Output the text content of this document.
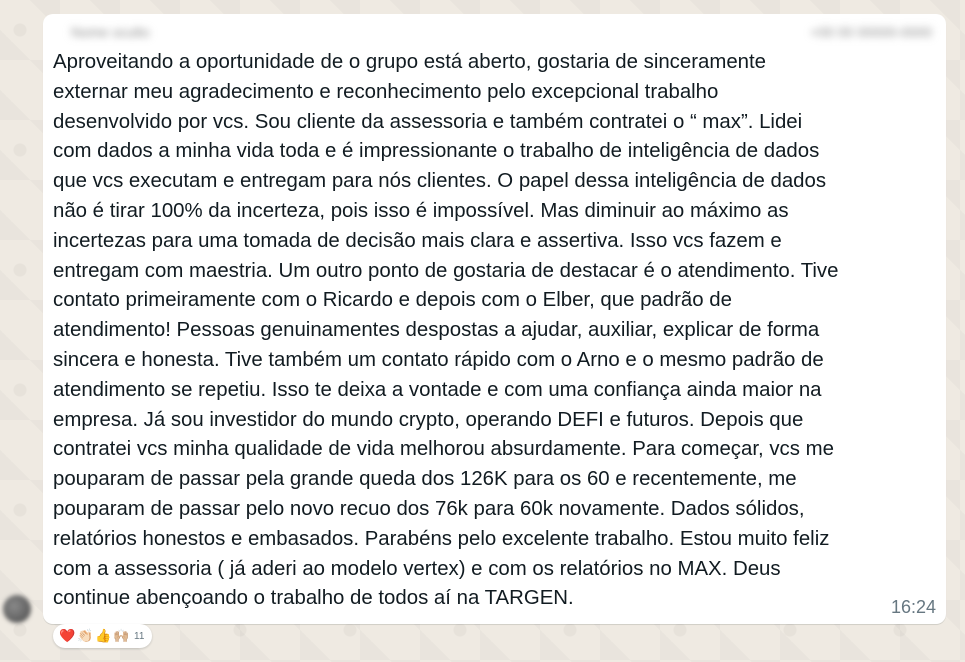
Nome oculto	+00 00 00000-0000
Aproveitando a oportunidade de o grupo está aberto, gostaria de sinceramente
externar meu agradecimento e reconhecimento pelo excepcional trabalho
desenvolvido por vcs. Sou cliente da assessoria e também contratei o “ max”. Lidei
com dados a minha vida toda e é impressionante o trabalho de inteligência de dados
que vcs executam e entregam para nós clientes. O papel dessa inteligência de dados
não é tirar 100% da incerteza, pois isso é impossível. Mas diminuir ao máximo as
incertezas para uma tomada de decisão mais clara e assertiva. Isso vcs fazem e
entregam com maestria. Um outro ponto de gostaria de destacar é o atendimento. Tive
contato primeiramente com o Ricardo e depois com o Elber, que padrão de
atendimento! Pessoas genuinamentes despostas a ajudar, auxiliar, explicar de forma
sincera e honesta. Tive também um contato rápido com o Arno e o mesmo padrão de
atendimento se repetiu. Isso te deixa a vontade e com uma confiança ainda maior na
empresa. Já sou investidor do mundo crypto, operando DEFI e futuros. Depois que
contratei vcs minha qualidade de vida melhorou absurdamente. Para começar, vcs me
pouparam de passar pela grande queda dos 126K para os 60 e recentemente, me
pouparam de passar pelo novo recuo dos 76k para 60k novamente. Dados sólidos,
relatórios honestos e embasados. Parabéns pelo excelente trabalho. Estou muito feliz
com a assessoria ( já aderi ao modelo vertex) e com os relatórios no MAX. Deus
continue abençoando o trabalho de todos aí na TARGEN.	16:24
❤️ 👏🏻 👍 🙌🏼 11
